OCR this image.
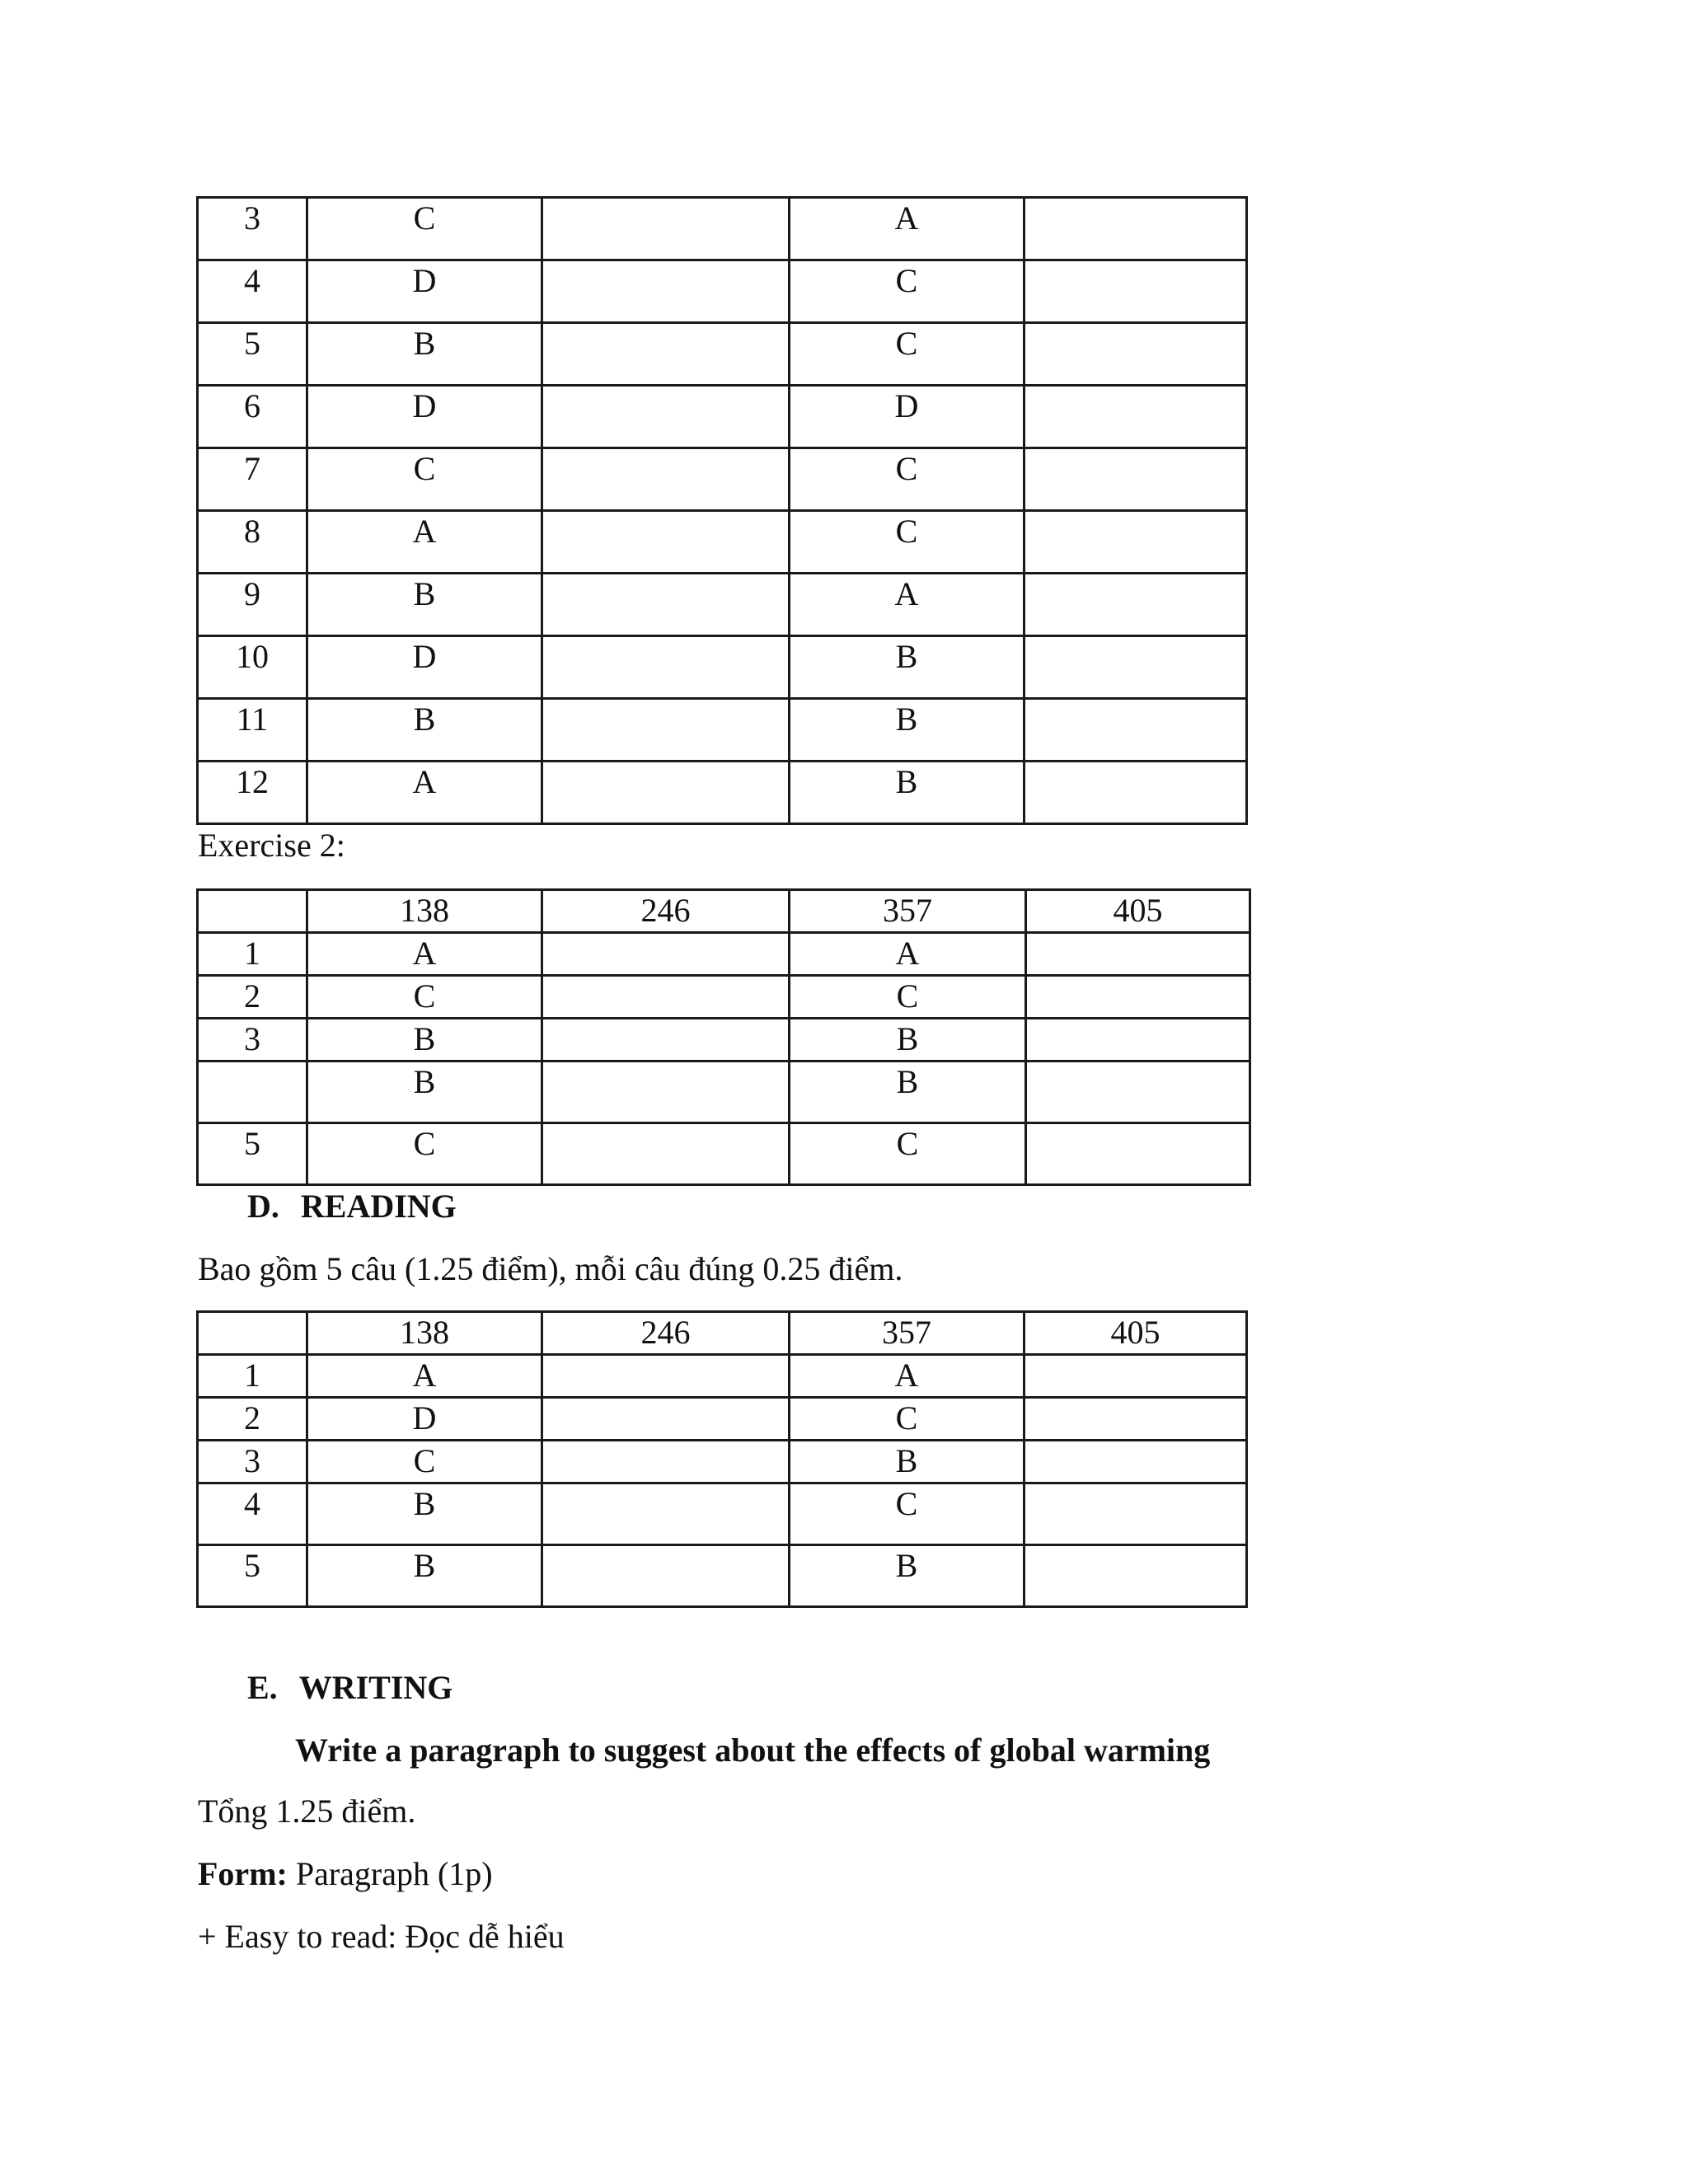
3	C		A	

4	D		C	

5	B		C	

6	D		D	

7	C		C	

8	A		C	

9	B		A	

10	D		B	

11	B		B	

12	A		B	

Exercise 2:

	138	246	357	405

1	A		A	

2	C		C	

3	B		B	

	B		B	

5	C		C	

D. READING
Bao gồm 5 câu (1.25 điểm), mỗi câu đúng 0.25 điểm.

	138	246	357	405

1	A		A	

2	D		C	

3	C		B	

4	B		C	

5	B		B	

E. WRITING
Write a paragraph to suggest about the effects of global warming
Tổng 1.25 điểm.
Form: Paragraph (1p)
+ Easy to read: Đọc dễ hiểu
